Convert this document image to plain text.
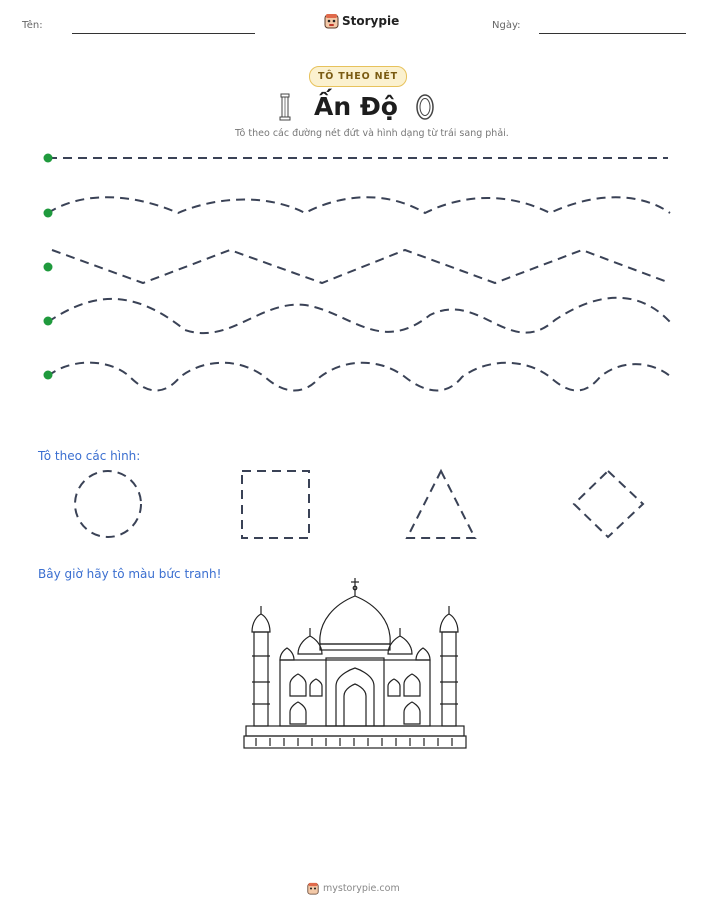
Tên:	Storypie	Ngày:
TÔ THEO NÉT
Ấn Độ
Tô theo các đường nét đứt và hình dạng từ trái sang phải.
Tô theo các hình:
Bây giờ hãy tô màu bức tranh!
mystorypie.com
